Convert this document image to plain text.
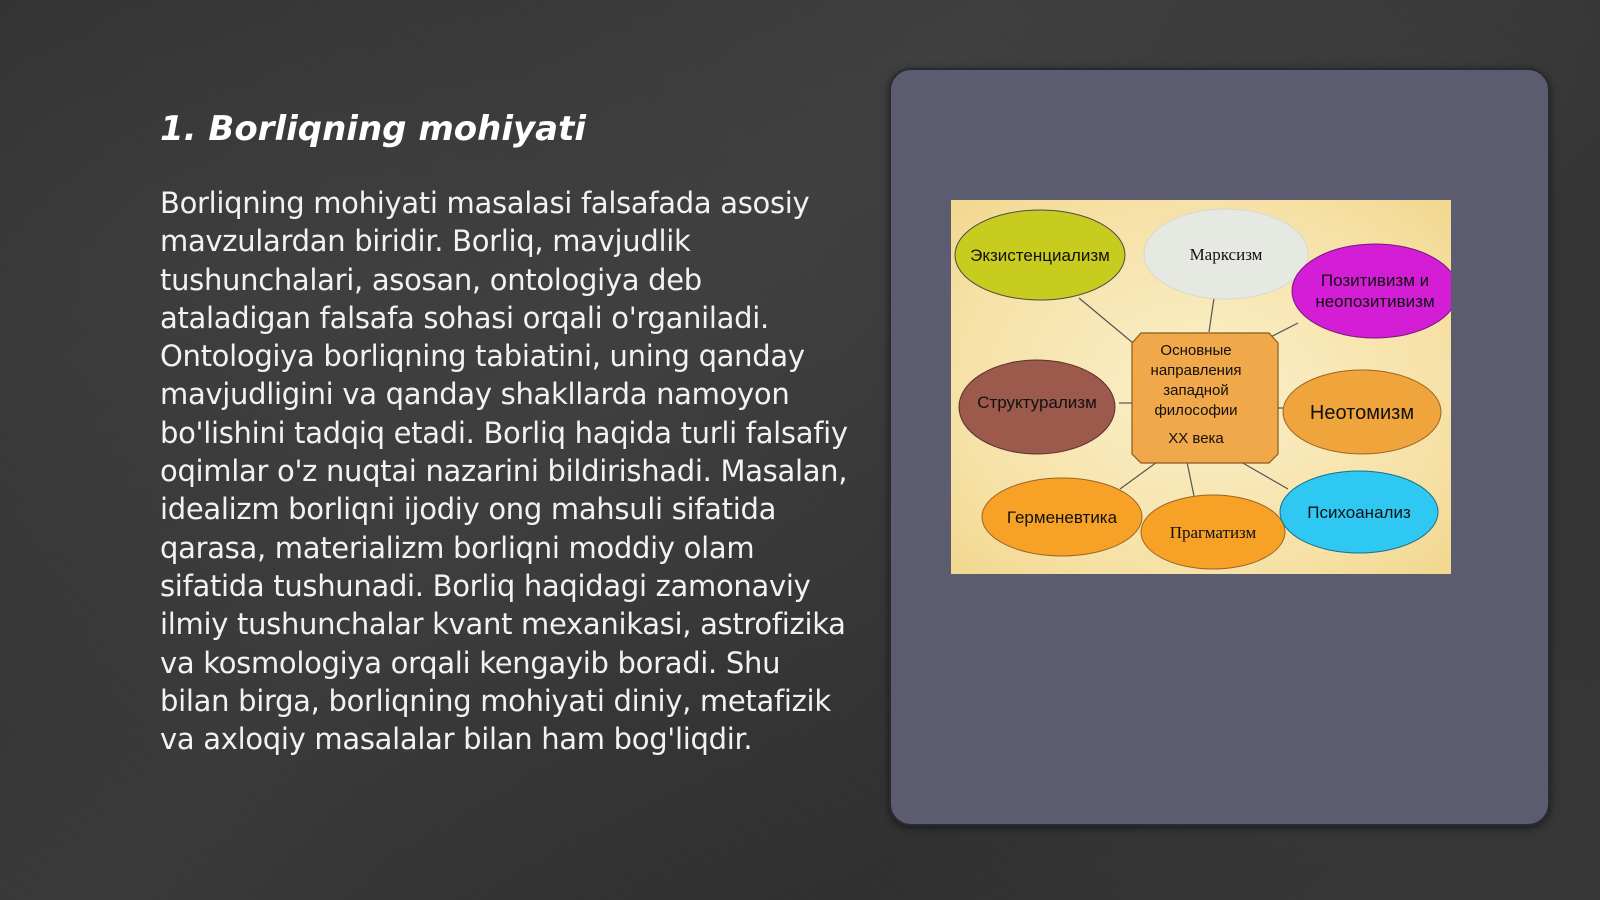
1. Borliqning mohiyati

Borliqning mohiyati masalasi falsafada asosiy mavzulardan biridir. Borliq, mavjudlik tushunchalari, asosan, ontologiya deb ataladigan falsafa sohasi orqali o'rganiladi. Ontologiya borliqning tabiatini, uning qanday mavjudligini va qanday shakllarda namoyon bo'lishini tadqiq etadi. Borliq haqida turli falsafiy oqimlar o'z nuqtai nazarini bildirishadi. Masalan, idealizm borliqni ijodiy ong mahsuli sifatida qarasa, materializm borliqni moddiy olam sifatida tushunadi. Borliq haqidagi zamonaviy ilmiy tushunchalar kvant mexanikasi, astrofizika va kosmologiya orqali kengayib boradi. Shu bilan birga, borliqning mohiyati diniy, metafizik va axloqiy masalalar bilan ham bog'liqdir.

Экзистенциализм	Марксизм
Позитивизм и
неопозитивизм
Структурализм	Неотомизм
Герменевтика
Прагматизм
Психоанализ
Основные
направления
западной
философии
XX века
